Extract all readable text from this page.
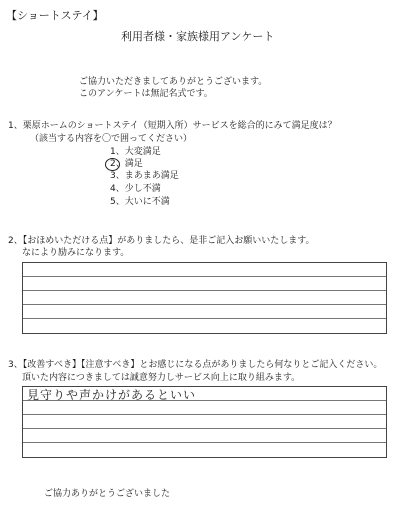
【ショートステイ】
利用者様・家族様用アンケート
ご協力いただきましてありがとうございます。
このアンケートは無記名式です。
1、栗原ホームのショートステイ（短期入所）サービスを総合的にみて満足度は？
（該当する内容を〇で囲ってください）
1、大変満足
2、満足
3、まあまあ満足
4、少し不満
5、大いに不満
2、【おほめいただける点】がありましたら、是非ご記入お願いいたします。
なにより励みになります。
3、【改善すべき】【注意すべき】とお感じになる点がありましたら何なりとご記入ください。
頂いた内容につきましては誠意努力しサービス向上に取り組みます。
見守りや声かけがあるといい
ご協力ありがとうございました
